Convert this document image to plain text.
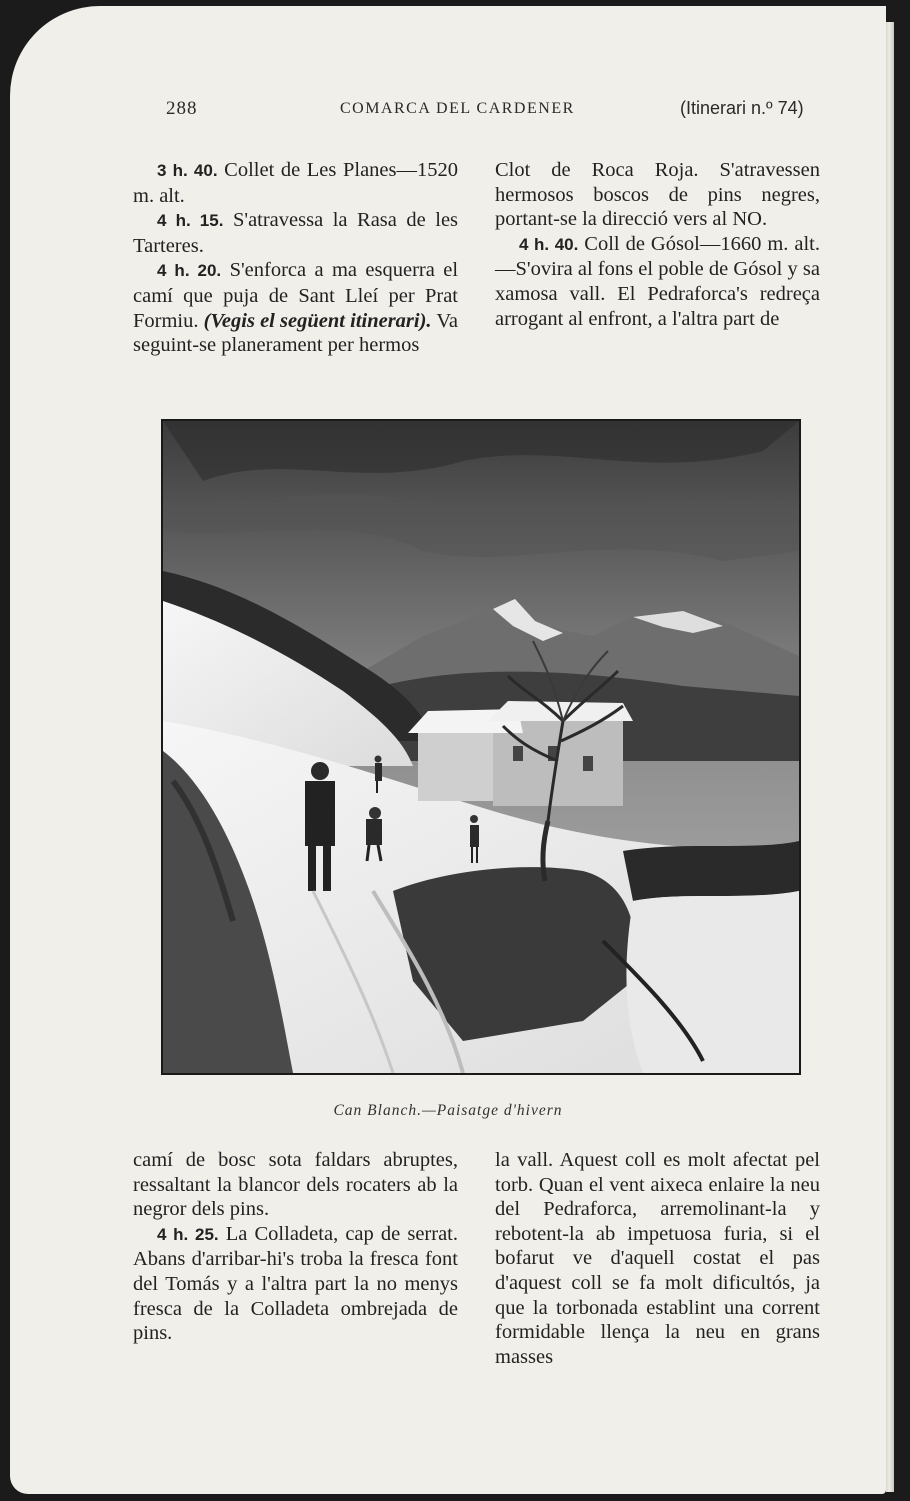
288	COMARCA DEL CARDENER	(Itinerari n.º 74)

3 h. 40. Collet de Les Planes—1520 m. alt.

4 h. 15. S'atravessa la Rasa de les Tarteres.

4 h. 20. S'enforca a ma esquerra el camí que puja de Sant Lleí per Prat Formiu. (Vegis el següent itinerari). Va seguint-se planerament per hermos

Clot de Roca Roja. S'atravessen hermosos boscos de pins negres, portant-se la direcció vers al NO.

4 h. 40. Coll de Gósol—1660 m. alt.—S'ovira al fons el poble de Gósol y sa xamosa vall. El Pedraforca's redreça arrogant al enfront, a l'altra part de

Can Blanch.—Paisatge d'hivern

camí de bosc sota faldars abruptes, ressaltant la blancor dels rocaters ab la negror dels pins.

4 h. 25. La Colladeta, cap de serrat. Abans d'arribar-hi's troba la fresca font del Tomás y a l'altra part la no menys fresca de la Colladeta ombrejada de pins.

la vall. Aquest coll es molt afectat pel torb. Quan el vent aixeca enlaire la neu del Pedraforca, arremolinant-la y rebotent-la ab impetuosa furia, si el bofarut ve d'aquell costat el pas d'aquest coll se fa molt dificultós, ja que la torbonada establint una corrent formidable llença la neu en grans masses
